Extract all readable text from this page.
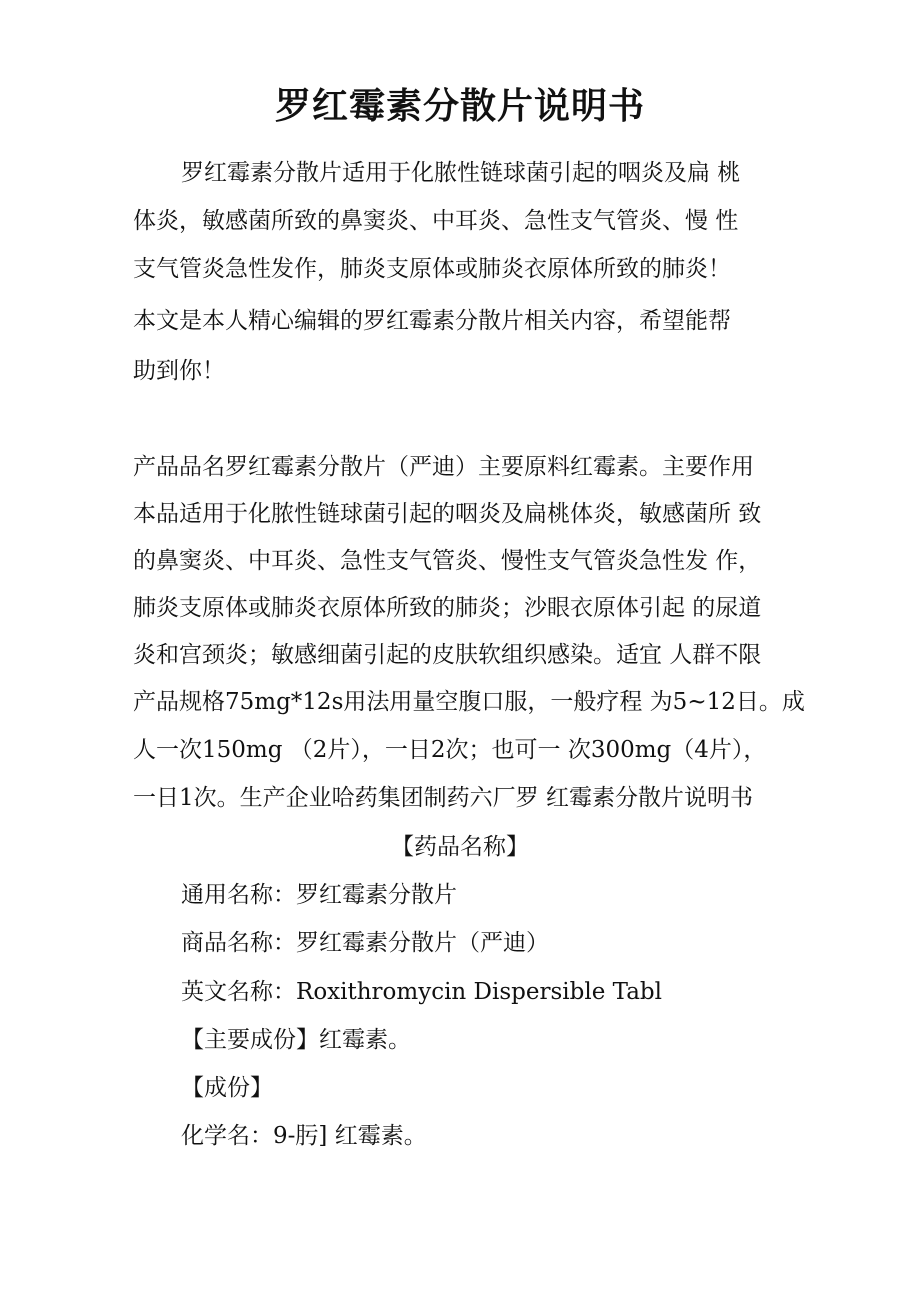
罗红霉素分散片说明书

罗红霉素分散片适用于化脓性链球菌引起的咽炎及扁 桃

体炎，敏感菌所致的鼻窦炎、中耳炎、急性支气管炎、慢 性

支气管炎急性发作，肺炎支原体或肺炎衣原体所致的肺炎！

本文是本人精心编辑的罗红霉素分散片相关内容，希望能帮

助到你！

产品品名罗红霉素分散片（严迪）主要原料红霉素。主要作用

本品适用于化脓性链球菌引起的咽炎及扁桃体炎，敏感菌所 致

的鼻窦炎、中耳炎、急性支气管炎、慢性支气管炎急性发 作，

肺炎支原体或肺炎衣原体所致的肺炎；沙眼衣原体引起 的尿道

炎和宫颈炎；敏感细菌引起的皮肤软组织感染。适宜 人群不限

产品规格75mg*12s用法用量空腹口服，一般疗程 为5~12日。成

人一次150mg （2片），一日2次；也可一 次300mg（4片），

一日1次。生产企业哈药集团制药六厂罗 红霉素分散片说明书

【药品名称】

通用名称：罗红霉素分散片

商品名称：罗红霉素分散片（严迪）

英文名称：Roxithromycin Dispersible Tabl

【主要成份】红霉素。

【成份】

化学名：9-肟] 红霉素。
